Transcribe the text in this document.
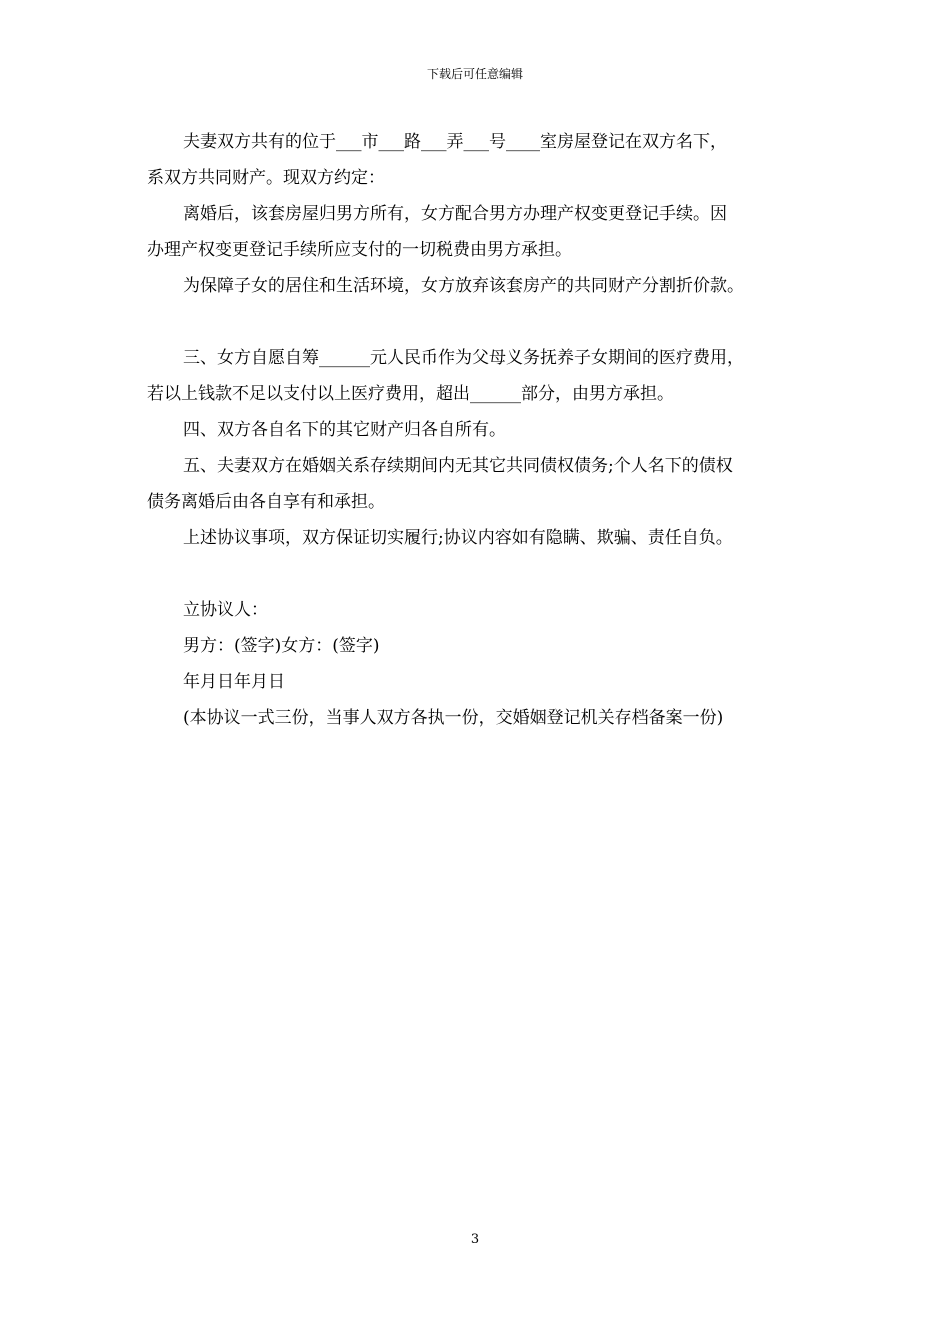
下载后可任意编辑

夫妻双方共有的位于___市___路___弄___号____室房屋登记在双方名下，

系双方共同财产。现双方约定：

离婚后，该套房屋归男方所有，女方配合男方办理产权变更登记手续。因

办理产权变更登记手续所应支付的一切税费由男方承担。

为保障子女的居住和生活环境，女方放弃该套房产的共同财产分割折价款。

三、女方自愿自筹______元人民币作为父母义务抚养子女期间的医疗费用，

若以上钱款不足以支付以上医疗费用，超出______部分，由男方承担。

四、双方各自名下的其它财产归各自所有。

五、夫妻双方在婚姻关系存续期间内无其它共同债权债务;个人名下的债权

债务离婚后由各自享有和承担。

上述协议事项，双方保证切实履行;协议内容如有隐瞒、欺骗、责任自负。

立协议人：

男方：(签字)女方：(签字)

年月日年月日

(本协议一式三份，当事人双方各执一份，交婚姻登记机关存档备案一份)

3
